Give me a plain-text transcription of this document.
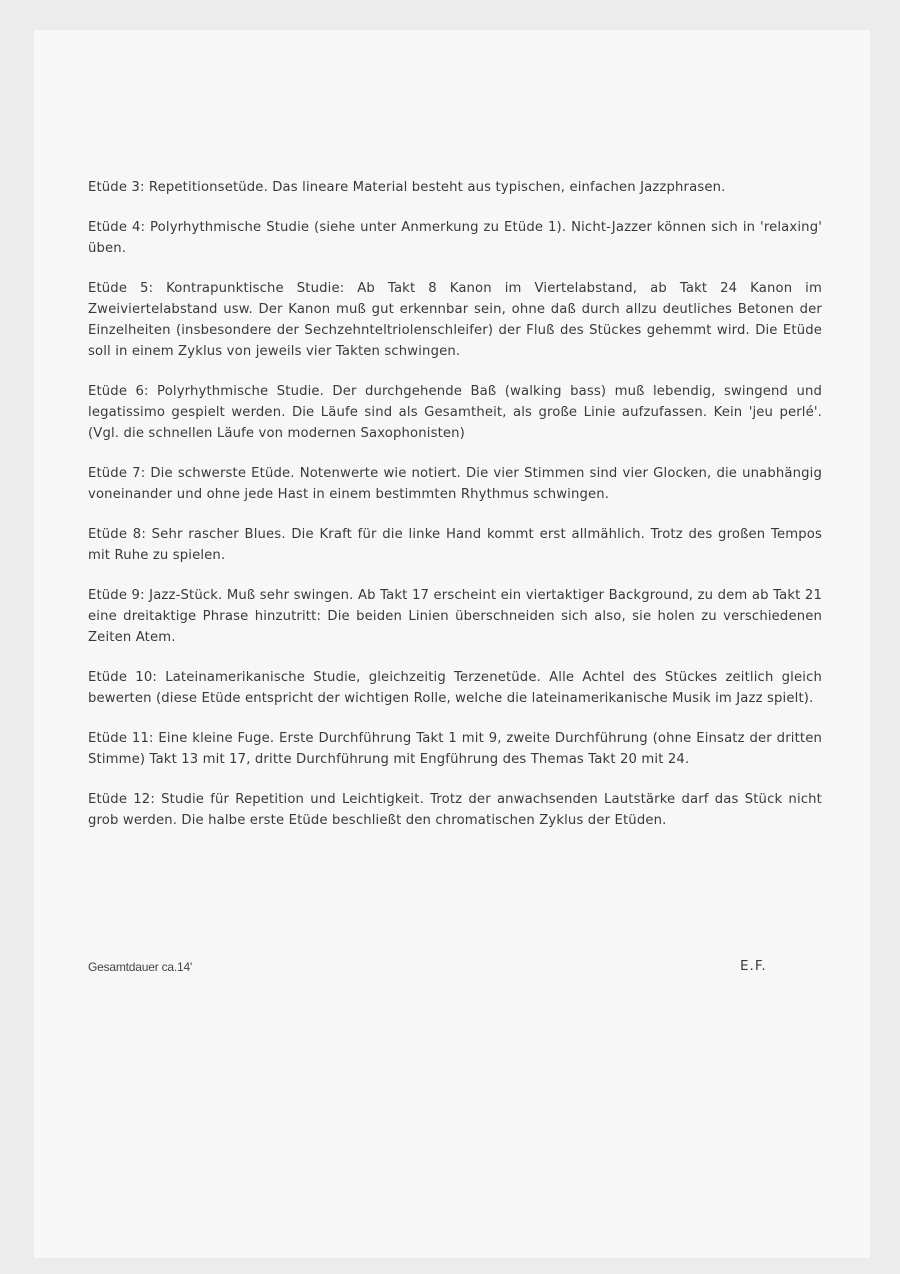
Etüde 3: Repetitionsetüde. Das lineare Material besteht aus typischen, einfachen Jazzphrasen.

Etüde 4: Polyrhythmische Studie (siehe unter Anmerkung zu Etüde 1). Nicht-Jazzer können sich in 'relaxing' üben.

Etüde 5: Kontrapunktische Studie: Ab Takt 8 Kanon im Viertelabstand, ab Takt 24 Kanon im Zweiviertelabstand usw. Der Kanon muß gut erkennbar sein, ohne daß durch allzu deutliches Betonen der Einzelheiten (insbesondere der Sechzehnteltriolenschleifer) der Fluß des Stückes gehemmt wird. Die Etüde soll in einem Zyklus von jeweils vier Takten schwingen.

Etüde 6: Polyrhythmische Studie. Der durchgehende Baß (walking bass) muß lebendig, swingend und legatissimo gespielt werden. Die Läufe sind als Gesamtheit, als große Linie aufzufassen. Kein 'jeu perlé'. (Vgl. die schnellen Läufe von modernen Saxophonisten)

Etüde 7: Die schwerste Etüde. Notenwerte wie notiert. Die vier Stimmen sind vier Glocken, die unabhängig voneinander und ohne jede Hast in einem bestimmten Rhythmus schwingen.

Etüde 8: Sehr rascher Blues. Die Kraft für die linke Hand kommt erst allmählich. Trotz des großen Tempos mit Ruhe zu spielen.

Etüde 9: Jazz-Stück. Muß sehr swingen. Ab Takt 17 erscheint ein viertaktiger Background, zu dem ab Takt 21 eine dreitaktige Phrase hinzutritt: Die beiden Linien überschneiden sich also, sie holen zu verschiedenen Zeiten Atem.

Etüde 10: Lateinamerikanische Studie, gleichzeitig Terzenetüde. Alle Achtel des Stückes zeitlich gleich bewerten (diese Etüde entspricht der wichtigen Rolle, welche die lateinamerikanische Musik im Jazz spielt).

Etüde 11: Eine kleine Fuge. Erste Durchführung Takt 1 mit 9, zweite Durchführung (ohne Einsatz der dritten Stimme) Takt 13 mit 17, dritte Durchführung mit Engführung des Themas Takt 20 mit 24.

Etüde 12: Studie für Repetition und Leichtigkeit. Trotz der anwachsenden Lautstärke darf das Stück nicht grob werden. Die halbe erste Etüde beschließt den chromatischen Zyklus der Etüden.

Gesamtdauer ca.14'	E.F.
